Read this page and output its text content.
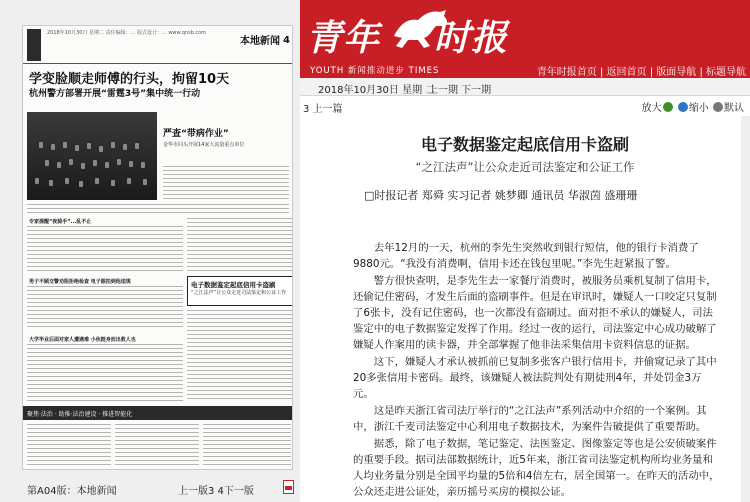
2018年10月30日 星期二 责任编辑：... 版式设计：... www.qnsb.com
本地新闻 4
学变脸顺走师傅的行头，拘留10天
杭州警方部署开展“雷霆3号”集中统一行动
严查“带病作业”
金华市回头开展14家大流量重点单位
专家提醒“夜骑手”...乱不止
男子不顾交警劝阻拒绝检查 电子眼拍到他违规	电子数据鉴定起底信用卡盗刷
“之江法声”让公众走近司法鉴定和公证工作
大学毕业后面对家人遭遇难 小伙挺身而出救人也
聚焦·法治 · 助推·法治建设 · 推进智能化
第A04版：本地新闻	上一版3 4下一版
青年 时报
YOUTH 新闻推动进步 TIMES	青年时报首页 | 返回首页 | 版面导航 | 标题导航
2018年10月30日 星期 二
上一期 下一期
3 上一篇	放大	缩小 默认
电子数据鉴定起底信用卡盗刷
“之江法声”让公众走近司法鉴定和公证工作
□时报记者 郑舜 实习记者 姚梦卿 通讯员 华淑茵 盛珊珊

去年12月的一天，杭州的李先生突然收到银行短信，他的银行卡消费了9880元。“我没有消费啊，信用卡还在钱包里呢。”李先生赶紧报了警。

警方很快查明，是李先生去一家餐厅消费时，被服务员乘机复制了信用卡，还偷记住密码，才发生后面的盗刷事件。但是在审讯时，嫌疑人一口咬定只复制了6张卡，没有记住密码，也一次都没有盗刷过。面对拒不承认的嫌疑人，司法鉴定中的电子数据鉴定发挥了作用。经过一夜的运行，司法鉴定中心成功破解了嫌疑人作案用的读卡器，并全部掌握了他非法采集信用卡资料信息的证据。

这下，嫌疑人才承认被抓前已复制多张客户银行信用卡，并偷窥记录了其中20多张信用卡密码。最终，该嫌疑人被法院判处有期徒刑4年，并处罚金3万元。

这是昨天浙江省司法厅举行的“之江法声”系列活动中介绍的一个案例。其中，浙江千麦司法鉴定中心利用电子数据技术，为案件告破提供了重要帮助。

据悉，除了电子数据，笔记鉴定、法医鉴定、图像鉴定等也是公安侦破案件的重要手段。据司法部数据统计，近5年来，浙江省司法鉴定机构所均业务量和人均业务量分别是全国平均量的5倍和4倍左右，居全国第一。在昨天的活动中，公众还走进公证处，亲历摇号买房的模拟公证。
